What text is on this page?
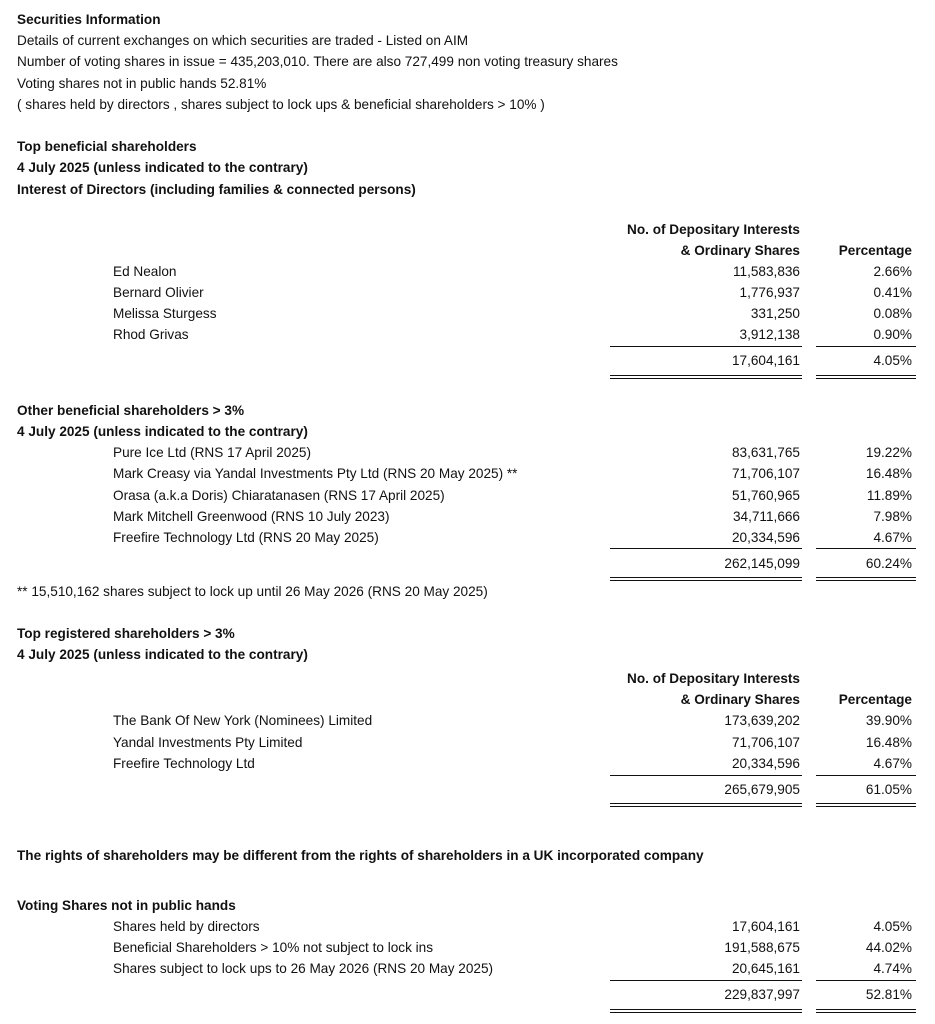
Securities Information
Details of current exchanges on which securities are traded - Listed on AIM
Number of voting shares in issue = 435,203,010. There are also 727,499 non voting treasury shares
Voting shares not in public hands 52.81%
( shares held by directors , shares subject to lock ups & beneficial shareholders > 10% )
Top beneficial shareholders
4 July 2025 (unless indicated to the contrary)
Interest of Directors (including families & connected persons)
No. of Depositary Interests
& Ordinary Shares	Percentage
Ed Nealon	11,583,836	2.66%
Bernard Olivier	1,776,937	0.41%
Melissa Sturgess	331,250	0.08%
Rhod Grivas	3,912,138	0.90%
17,604,161	4.05%
Other beneficial shareholders > 3%
4 July 2025 (unless indicated to the contrary)
Pure Ice Ltd (RNS 17 April 2025)	83,631,765	19.22%
Mark Creasy via Yandal Investments Pty Ltd (RNS 20 May 2025) **	71,706,107	16.48%
Orasa (a.k.a Doris) Chiaratanasen (RNS 17 April 2025)	51,760,965	11.89%
Mark Mitchell Greenwood (RNS 10 July 2023)	34,711,666	7.98%
Freefire Technology Ltd (RNS 20 May 2025)	20,334,596	4.67%
262,145,099	60.24%
** 15,510,162 shares subject to lock up until 26 May 2026 (RNS 20 May 2025)
Top registered shareholders > 3%
4 July 2025 (unless indicated to the contrary)
No. of Depositary Interests
& Ordinary Shares	Percentage
The Bank Of New York (Nominees) Limited	173,639,202	39.90%
Yandal Investments Pty Limited	71,706,107	16.48%
Freefire Technology Ltd	20,334,596	4.67%
265,679,905	61.05%
The rights of shareholders may be different from the rights of shareholders in a UK incorporated company
Voting Shares not in public hands
Shares held by directors	17,604,161	4.05%
Beneficial Shareholders > 10% not subject to lock ins	191,588,675	44.02%
Shares subject to lock ups to 26 May 2026 (RNS 20 May 2025)	20,645,161	4.74%
229,837,997	52.81%
